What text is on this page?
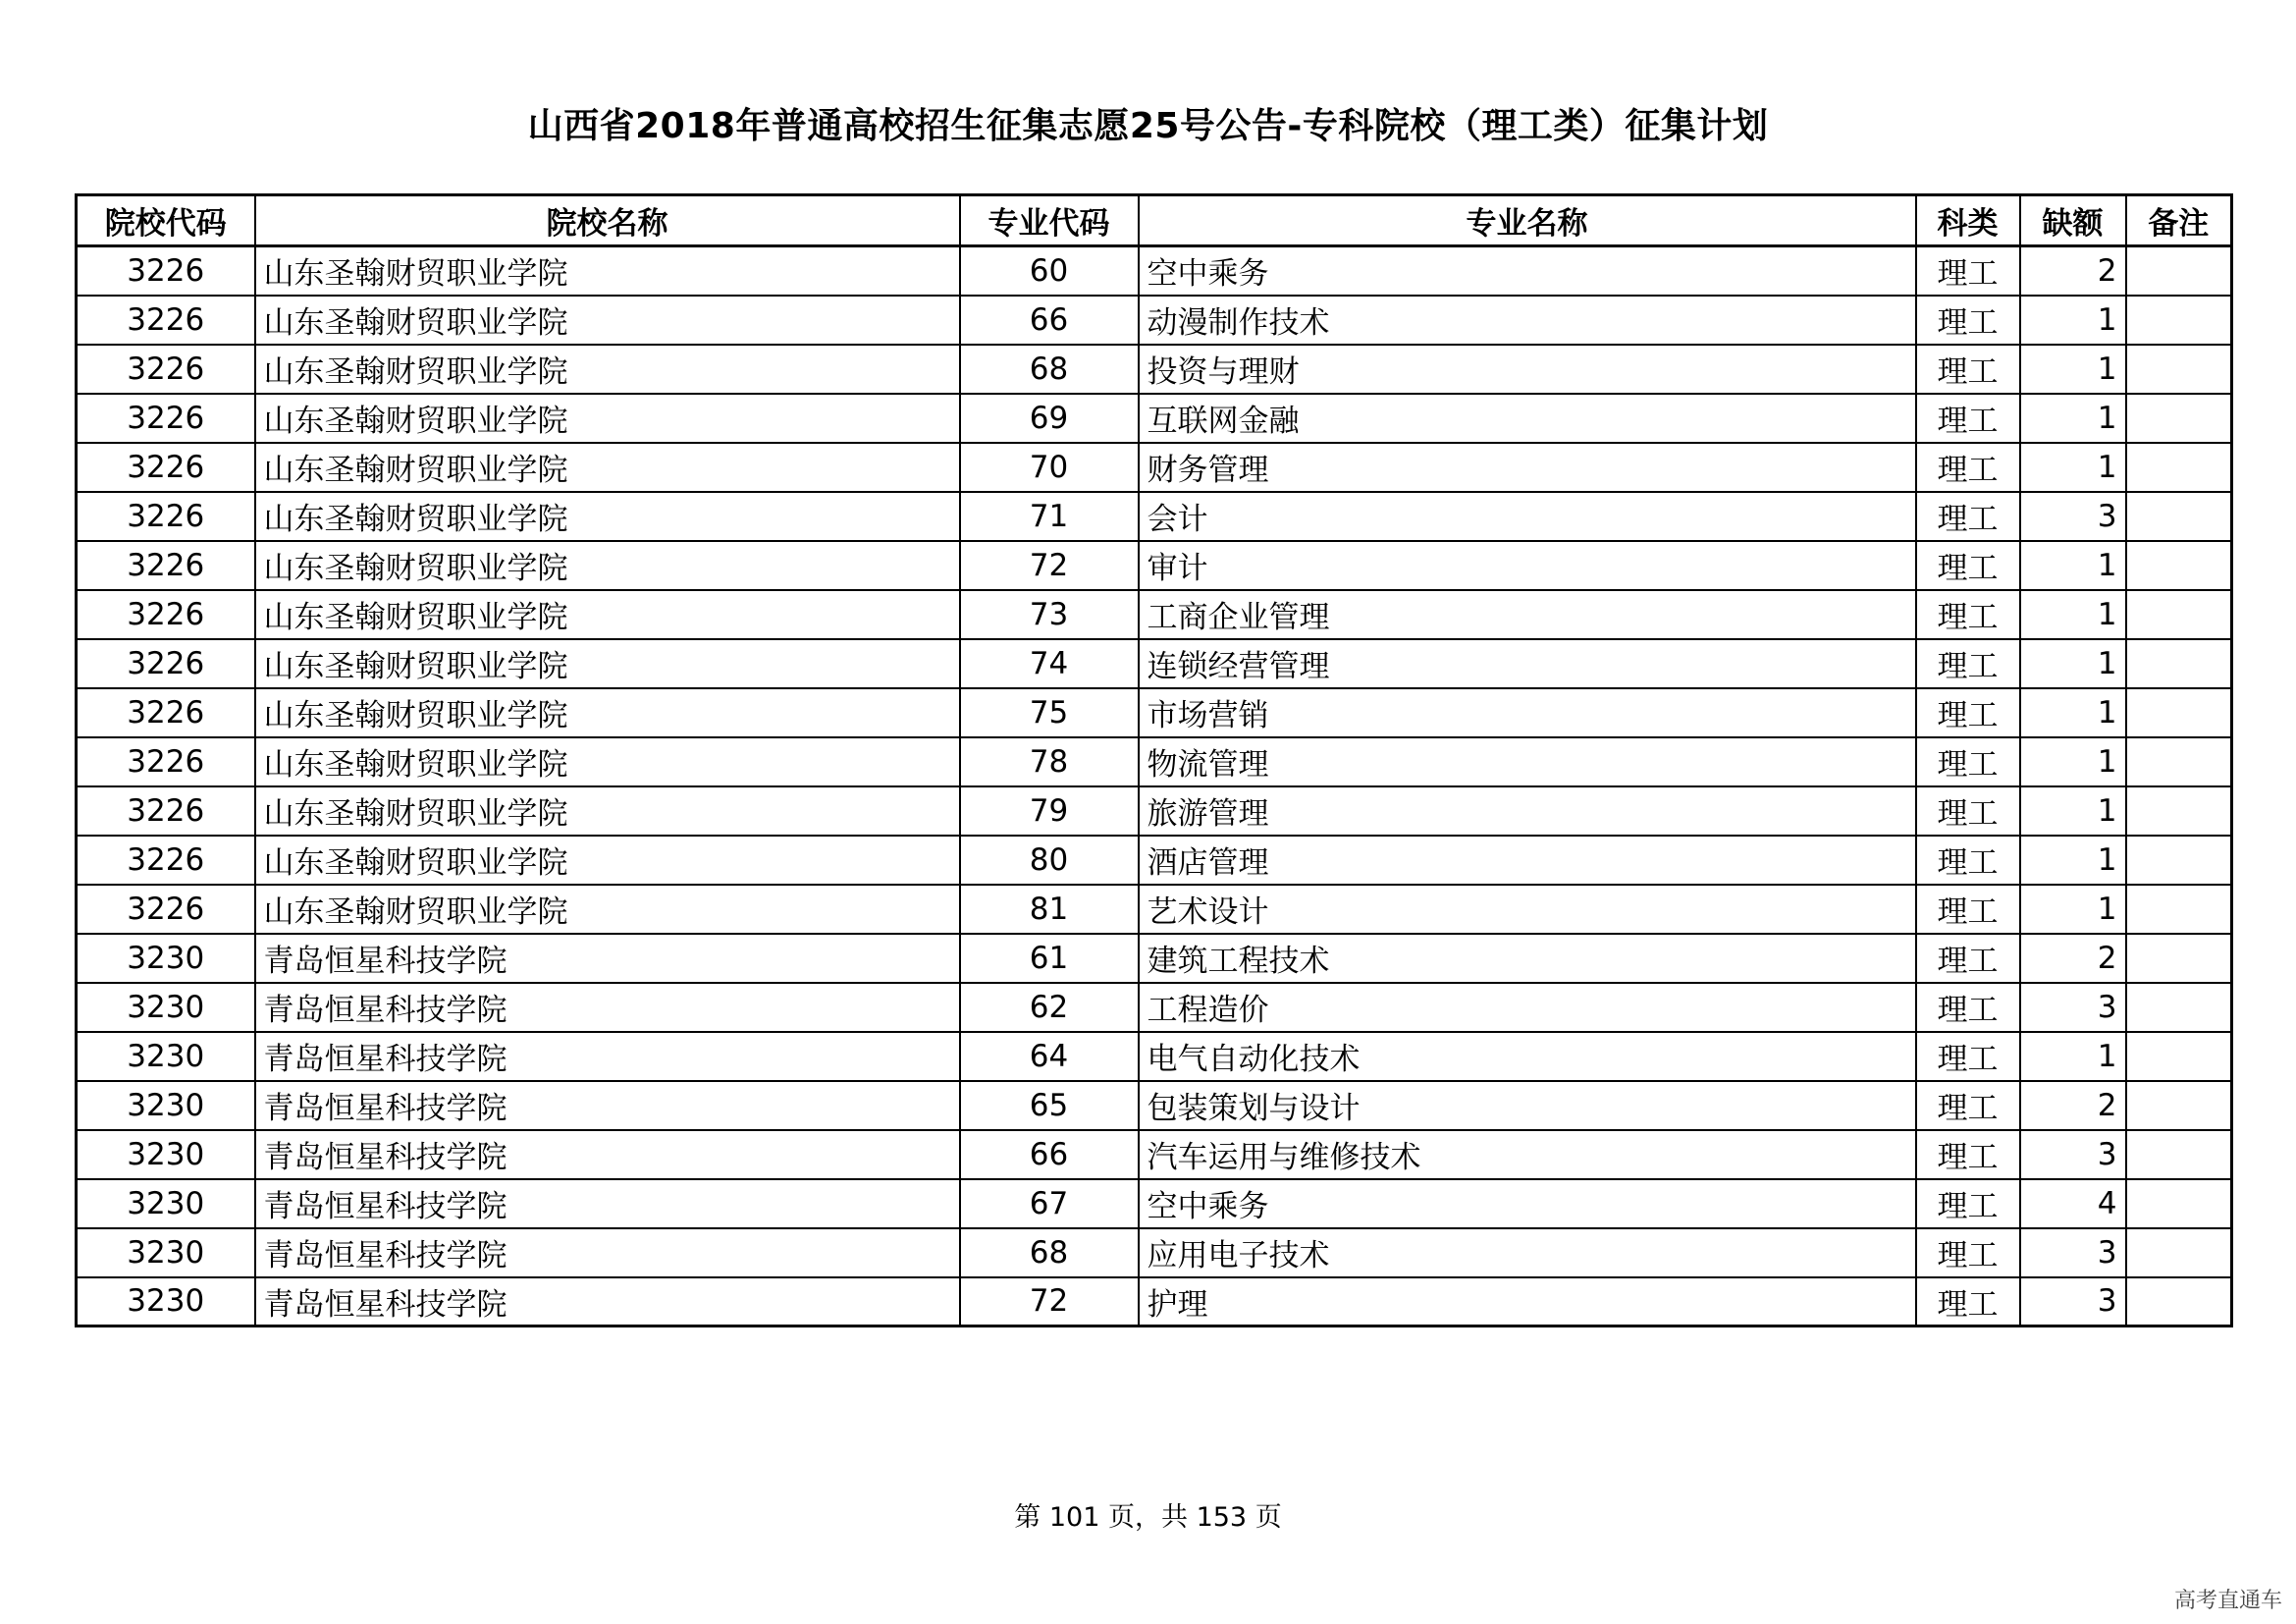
山西省2018年普通高校招生征集志愿25号公告-专科院校（理工类）征集计划
院校代码	院校名称	专业代码	专业名称	科类	缺额	备注
3226	山东圣翰财贸职业学院	60	空中乘务	理工	2	
3226	山东圣翰财贸职业学院	66	动漫制作技术	理工	1	
3226	山东圣翰财贸职业学院	68	投资与理财	理工	1	
3226	山东圣翰财贸职业学院	69	互联网金融	理工	1	
3226	山东圣翰财贸职业学院	70	财务管理	理工	1	
3226	山东圣翰财贸职业学院	71	会计	理工	3	
3226	山东圣翰财贸职业学院	72	审计	理工	1	
3226	山东圣翰财贸职业学院	73	工商企业管理	理工	1	
3226	山东圣翰财贸职业学院	74	连锁经营管理	理工	1	
3226	山东圣翰财贸职业学院	75	市场营销	理工	1	
3226	山东圣翰财贸职业学院	78	物流管理	理工	1	
3226	山东圣翰财贸职业学院	79	旅游管理	理工	1	
3226	山东圣翰财贸职业学院	80	酒店管理	理工	1	
3226	山东圣翰财贸职业学院	81	艺术设计	理工	1	
3230	青岛恒星科技学院	61	建筑工程技术	理工	2	
3230	青岛恒星科技学院	62	工程造价	理工	3	
3230	青岛恒星科技学院	64	电气自动化技术	理工	1	
3230	青岛恒星科技学院	65	包装策划与设计	理工	2	
3230	青岛恒星科技学院	66	汽车运用与维修技术	理工	3	
3230	青岛恒星科技学院	67	空中乘务	理工	4	
3230	青岛恒星科技学院	68	应用电子技术	理工	3	
3230	青岛恒星科技学院	72	护理	理工	3	
第 101 页，共 153 页
高考直通车
